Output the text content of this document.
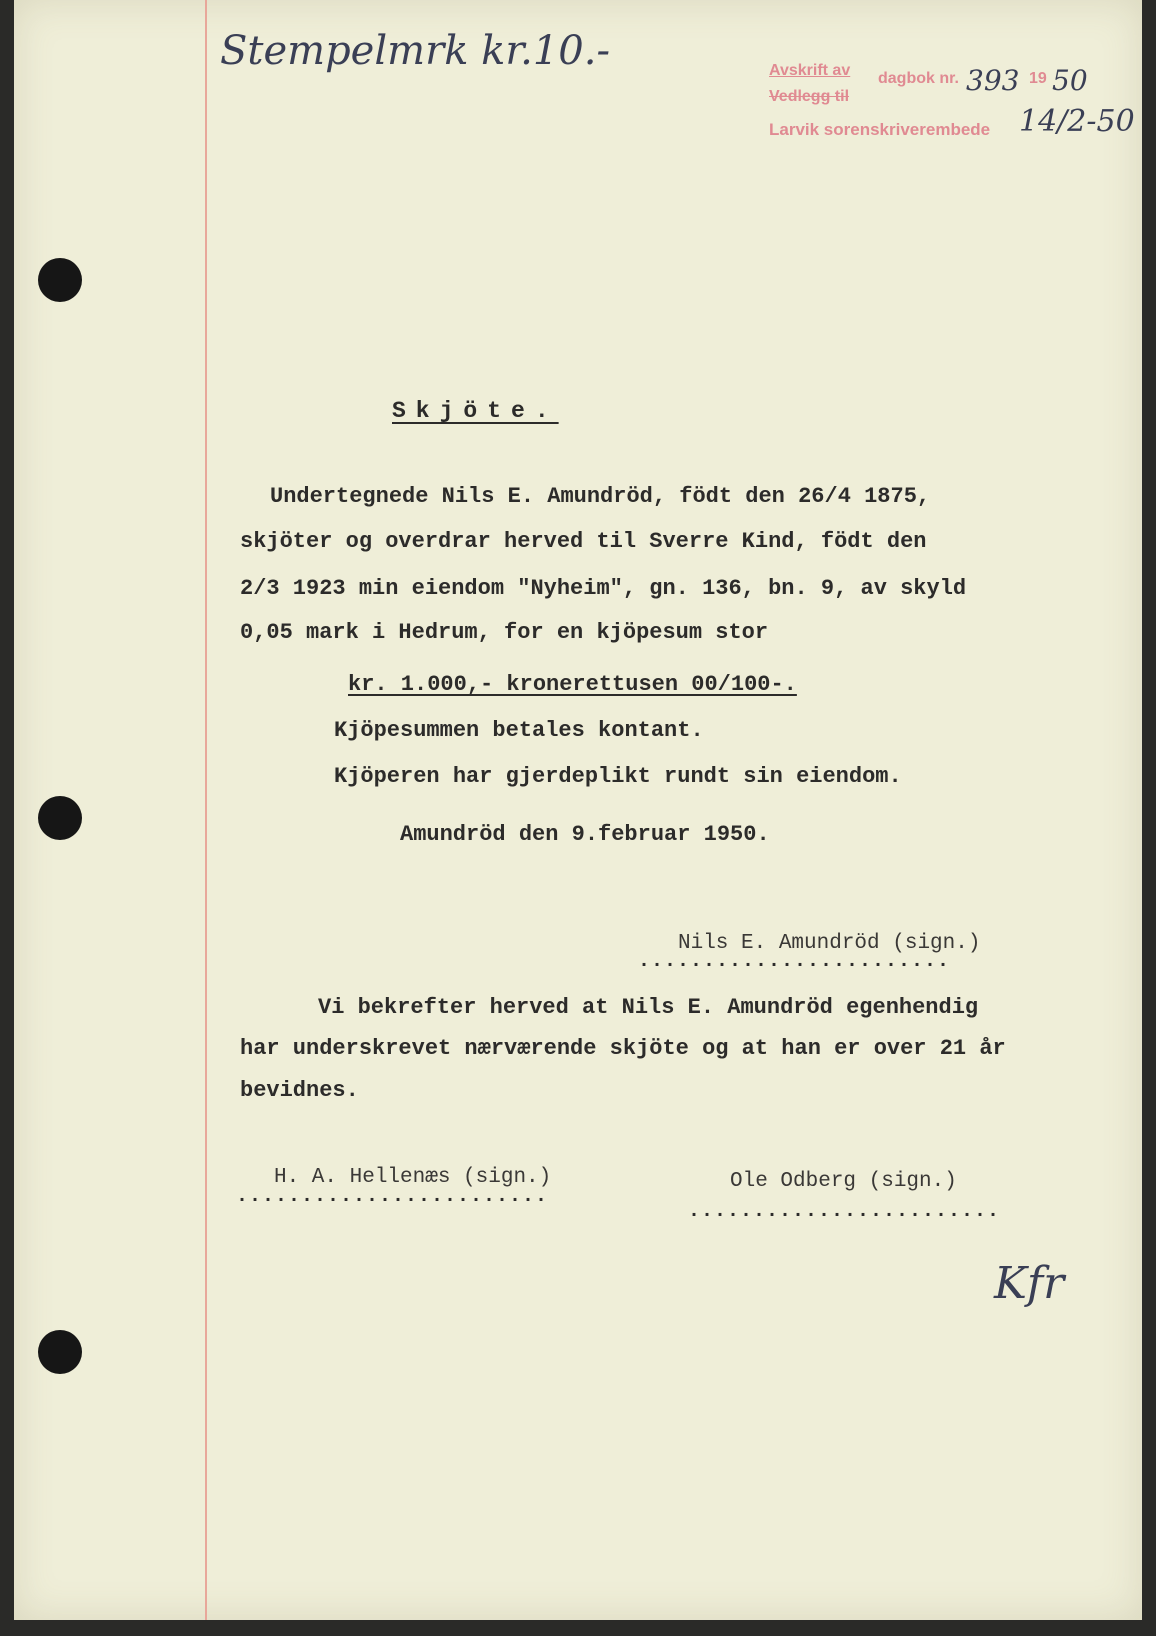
Stempelmrk kr.10.-	Avskrift av dagbok nr. 393 19 50
Vedlegg til
Larvik sorenskriverembede 14/2-50
Skjöte.
Undertegnede Nils E. Amundröd, födt den 26/4 1875,
skjöter og overdrar herved til Sverre Kind, födt den
2/3 1923 min eiendom "Nyheim", gn. 136, bn. 9, av skyld
0,05 mark i Hedrum, for en kjöpesum stor
kr. 1.000,- kronerettusen 00/100-.
Kjöpesummen betales kontant.
Kjöperen har gjerdeplikt rundt sin eiendom.
Amundröd den 9.februar 1950.
Nils E. Amundröd (sign.)
........................
Vi bekrefter herved at Nils E. Amundröd egenhendig
har underskrevet nærværende skjöte og at han er over 21 år
bevidnes.
H. A. Hellenæs (sign.)
........................
Ole Odberg (sign.)
........................
Kfr
